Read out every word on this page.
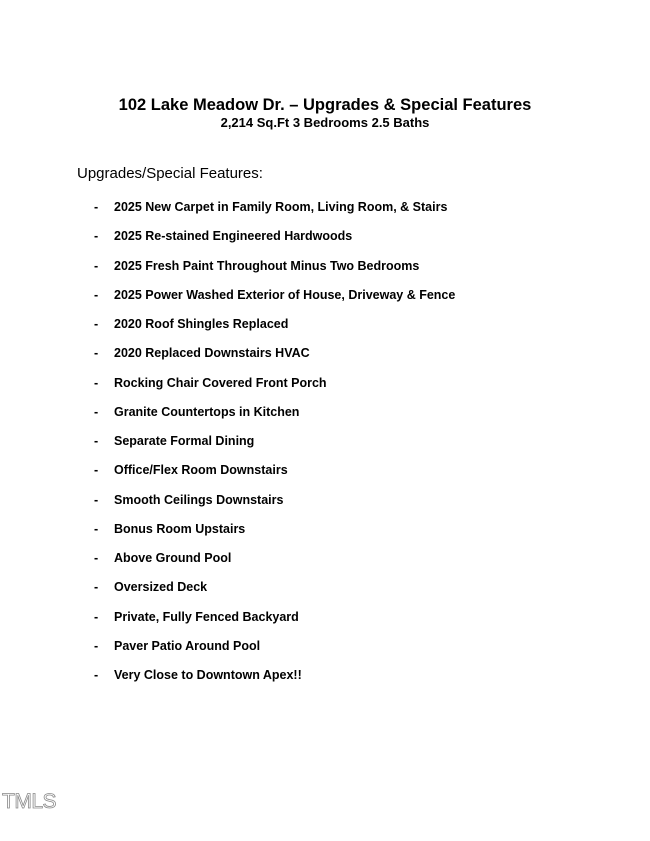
102 Lake Meadow Dr. – Upgrades & Special Features

2,214 Sq.Ft 3 Bedrooms 2.5 Baths

Upgrades/Special Features:

-	2025 New Carpet in Family Room, Living Room, & Stairs
-	2025 Re-stained Engineered Hardwoods
-	2025 Fresh Paint Throughout Minus Two Bedrooms
-	2025 Power Washed Exterior of House, Driveway & Fence
-	2020 Roof Shingles Replaced
-	2020 Replaced Downstairs HVAC
-	Rocking Chair Covered Front Porch
-	Granite Countertops in Kitchen
-	Separate Formal Dining
-	Office/Flex Room Downstairs
-	Smooth Ceilings Downstairs
-	Bonus Room Upstairs
-	Above Ground Pool
-	Oversized Deck
-	Private, Fully Fenced Backyard
-	Paver Patio Around Pool
-	Very Close to Downtown Apex!!
TMLS
